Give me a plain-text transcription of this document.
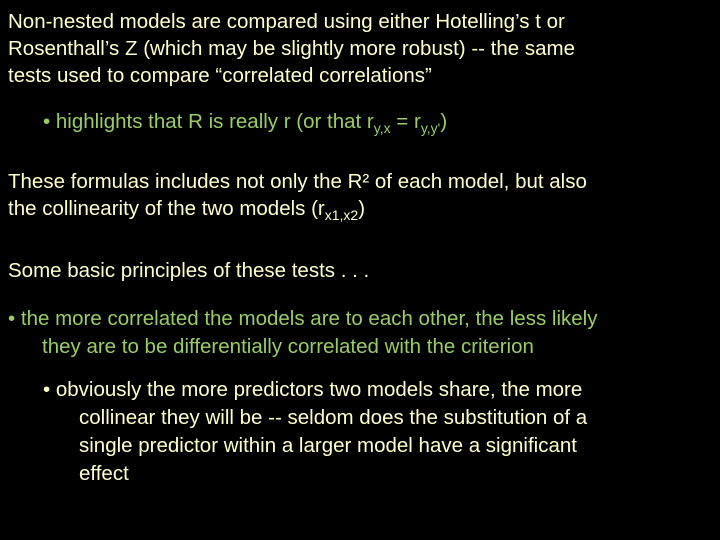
Non-nested models are compared using either Hotelling’s t or
Rosenthall’s Z (which may be slightly more robust) -- the same
tests used to compare “correlated correlations”

• highlights that R is really r (or that $r_{y,x} = r_{y,y'}$)

These formulas includes not only the R² of each model, but also
the collinearity of the two models $(r_{x1,x2})$

Some basic principles of these tests . . .

• the more correlated the models are to each other, the less likely
they are to be differentially correlated with the criterion

• obviously the more predictors two models share, the more
collinear they will be -- seldom does the substitution of a
single predictor within a larger model have a significant
effect
